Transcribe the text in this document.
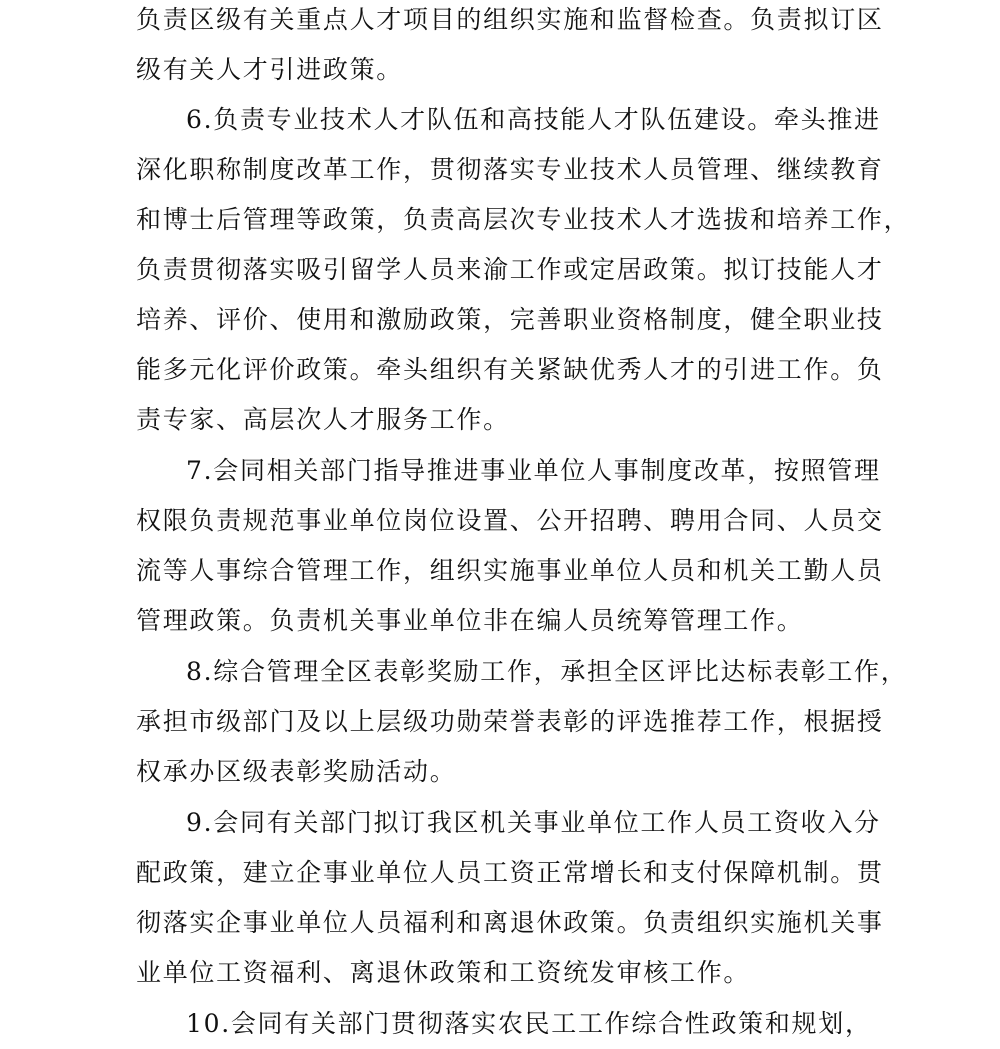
负责区级有关重点人才项目的组织实施和监督检查。负责拟订区
级有关人才引进政策。
6.负责专业技术人才队伍和高技能人才队伍建设。牵头推进
深化职称制度改革工作，贯彻落实专业技术人员管理、继续教育
和博士后管理等政策，负责高层次专业技术人才选拔和培养工作，
负责贯彻落实吸引留学人员来渝工作或定居政策。拟订技能人才
培养、评价、使用和激励政策，完善职业资格制度，健全职业技
能多元化评价政策。牵头组织有关紧缺优秀人才的引进工作。负
责专家、高层次人才服务工作。
7.会同相关部门指导推进事业单位人事制度改革，按照管理
权限负责规范事业单位岗位设置、公开招聘、聘用合同、人员交
流等人事综合管理工作，组织实施事业单位人员和机关工勤人员
管理政策。负责机关事业单位非在编人员统筹管理工作。
8.综合管理全区表彰奖励工作，承担全区评比达标表彰工作，
承担市级部门及以上层级功勋荣誉表彰的评选推荐工作，根据授
权承办区级表彰奖励活动。
9.会同有关部门拟订我区机关事业单位工作人员工资收入分
配政策，建立企事业单位人员工资正常增长和支付保障机制。贯
彻落实企事业单位人员福利和离退休政策。负责组织实施机关事
业单位工资福利、离退休政策和工资统发审核工作。
10.会同有关部门贯彻落实农民工工作综合性政策和规划，
